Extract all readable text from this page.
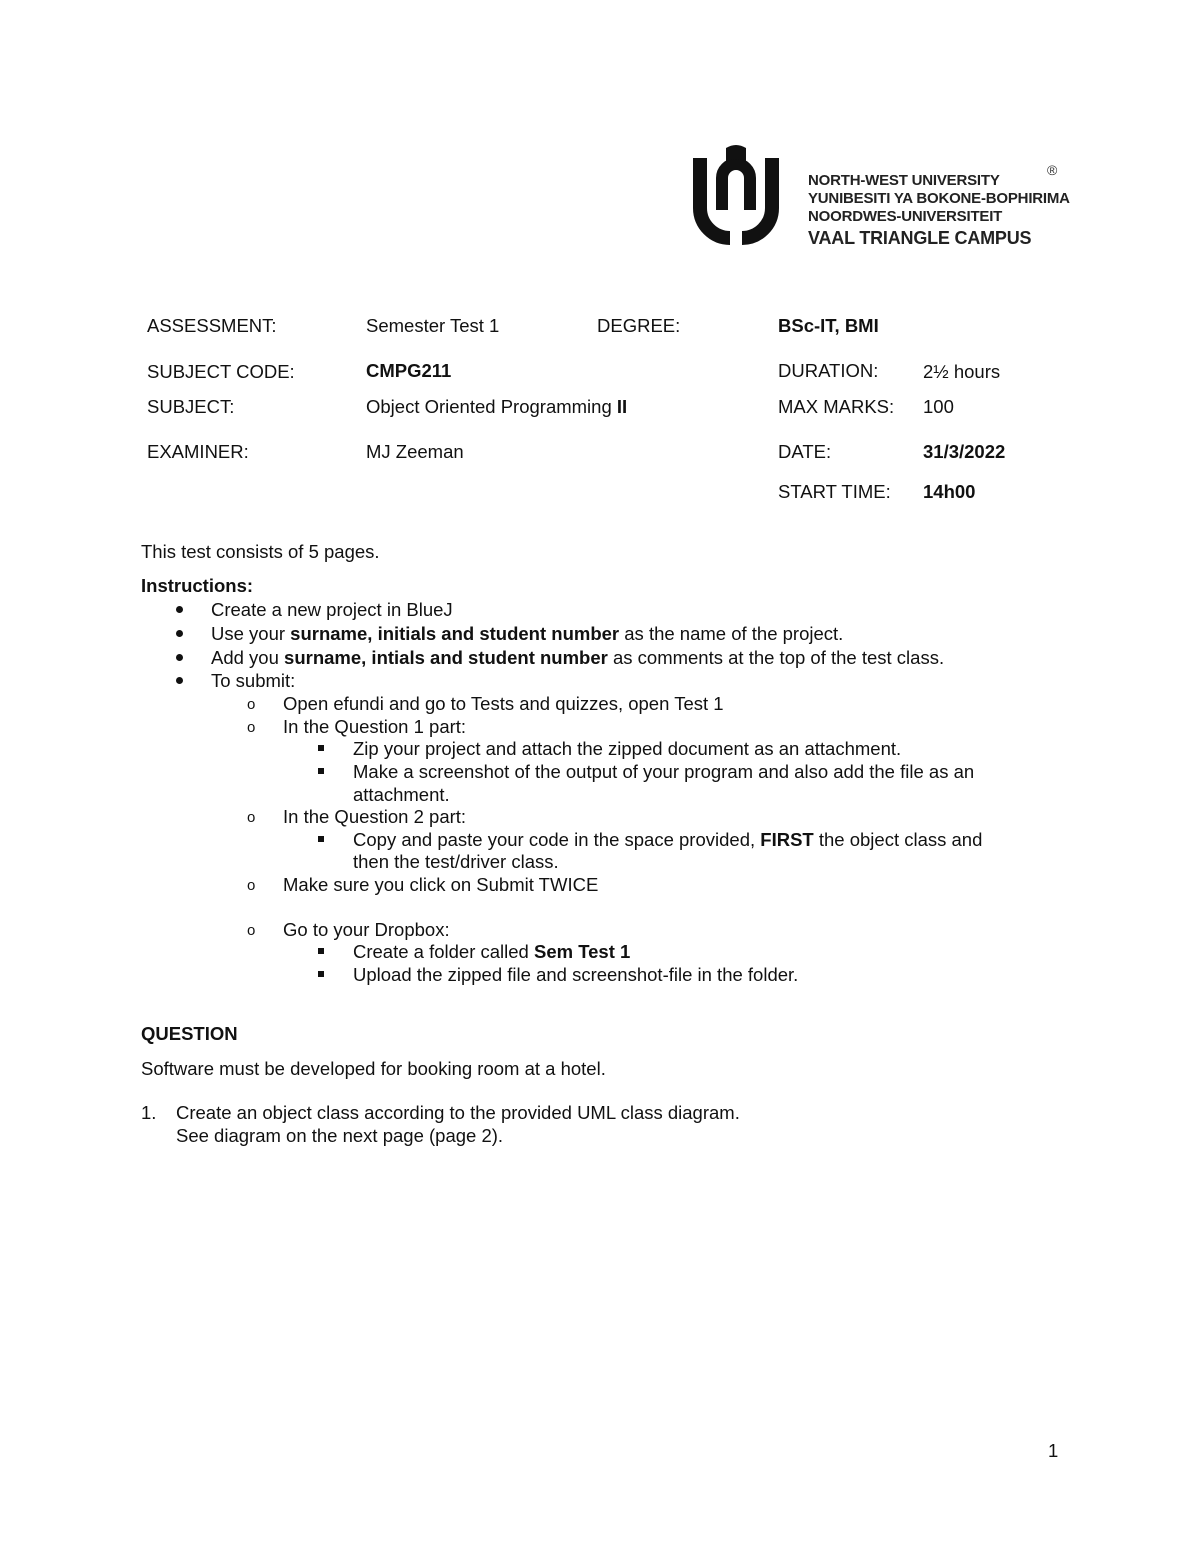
NORTH-WEST UNIVERSITY
YUNIBESITI YA BOKONE-BOPHIRIMA
NOORDWES-UNIVERSITEIT
VAAL TRIANGLE CAMPUS
®
ASSESSMENT:	Semester Test 1	DEGREE:	BSc-IT, BMI
SUBJECT CODE:	CMPG211	DURATION: 2½ hours
SUBJECT:	Object Oriented Programming II	MAX MARKS: 100
EXAMINER:	MJ Zeeman	DATE:	31/3/2022
START TIME: 14h00
This test consists of 5 pages.
Instructions:
Create a new project in BlueJ
Use your surname, initials and student number as the name of the project.
Add you surname, intials and student number as comments at the top of the test class.
To submit:
o Open efundi and go to Tests and quizzes, open Test 1
o In the Question 1 part:
Zip your project and attach the zipped document as an attachment.
Make a screenshot of the output of your program and also add the file as an
attachment.
o In the Question 2 part:
Copy and paste your code in the space provided, FIRST the object class and
then the test/driver class.
o Make sure you click on Submit TWICE
o Go to your Dropbox:
Create a folder called Sem Test 1
Upload the zipped file and screenshot-file in the folder.
QUESTION
Software must be developed for booking room at a hotel.
1. Create an object class according to the provided UML class diagram.
See diagram on the next page (page 2).
1
